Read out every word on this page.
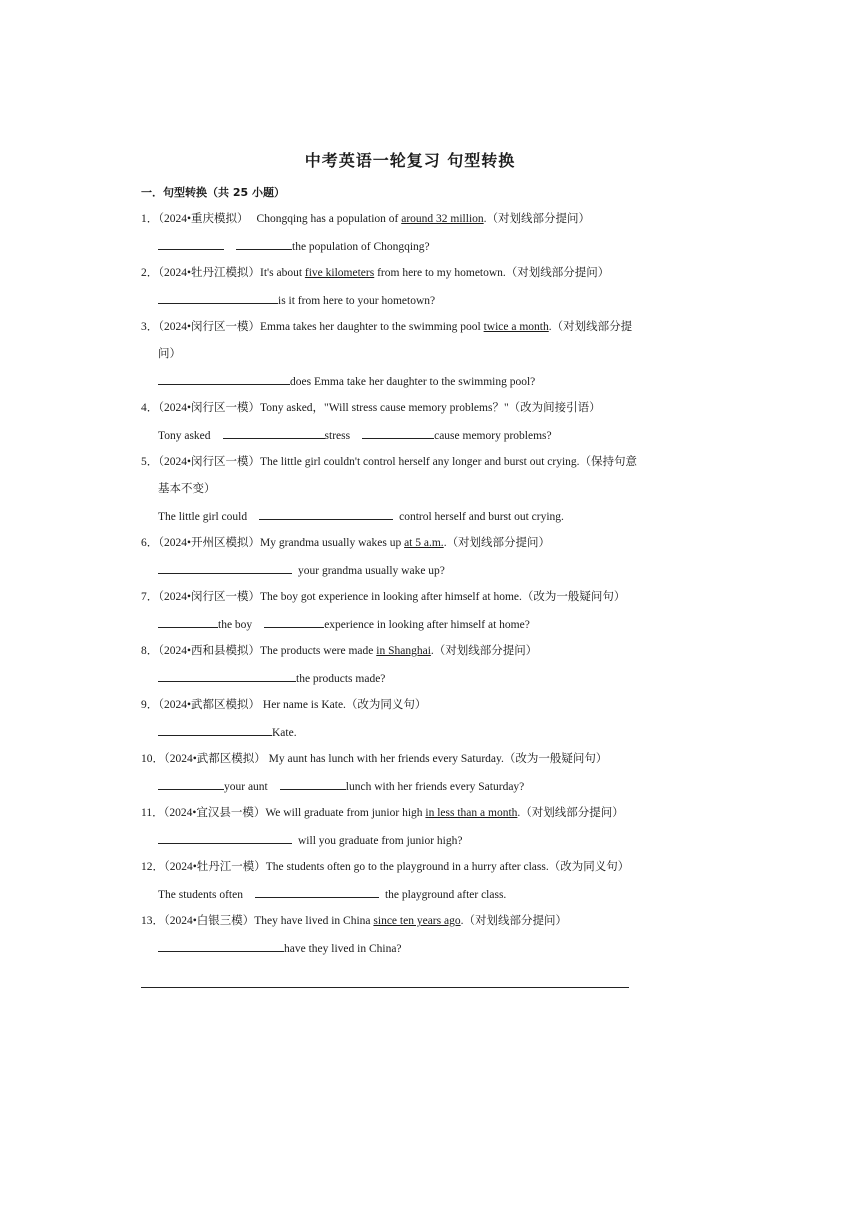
中考英语一轮复习 句型转换
一．句型转换（共 25 小题）
1．（2024•重庆模拟） Chongqing has a population of around 32 million.（对划线部分提问）
the population of Chongqing?
2．（2024•牡丹江模拟）It's about five kilometers from here to my hometown.（对划线部分提问）
is it from here to your hometown?
3．（2024•闵行区一模）Emma takes her daughter to the swimming pool twice a month.（对划线部分提
问）
does Emma take her daughter to the swimming pool?
4．（2024•闵行区一模）Tony asked，"Will stress cause memory problems？"（改为间接引语）
Tony asked	stress	cause memory problems?
5．（2024•闵行区一模）The little girl couldn't control herself any longer and burst out crying.（保持句意
基本不变）
The little girl could	control herself and burst out crying.
6．（2024•开州区模拟）My grandma usually wakes up at 5 a.m..（对划线部分提问）
your grandma usually wake up?
7．（2024•闵行区一模）The boy got experience in looking after himself at home.（改为一般疑问句）
the boy	experience in looking after himself at home?
8．（2024•西和县模拟）The products were made in Shanghai.（对划线部分提问）
the products made?
9．（2024•武都区模拟） Her name is Kate.（改为同义句）
Kate.
10．（2024•武都区模拟） My aunt has lunch with her friends every Saturday.（改为一般疑问句）
your aunt	lunch with her friends every Saturday?
11．（2024•宜汉县一模）We will graduate from junior high in less than a month.（对划线部分提问）
will you graduate from junior high?
12．（2024•牡丹江一模）The students often go to the playground in a hurry after class.（改为同义句）
The students often	the playground after class.
13．（2024•白银三模）They have lived in China since ten years ago.（对划线部分提问）
have they lived in China?
